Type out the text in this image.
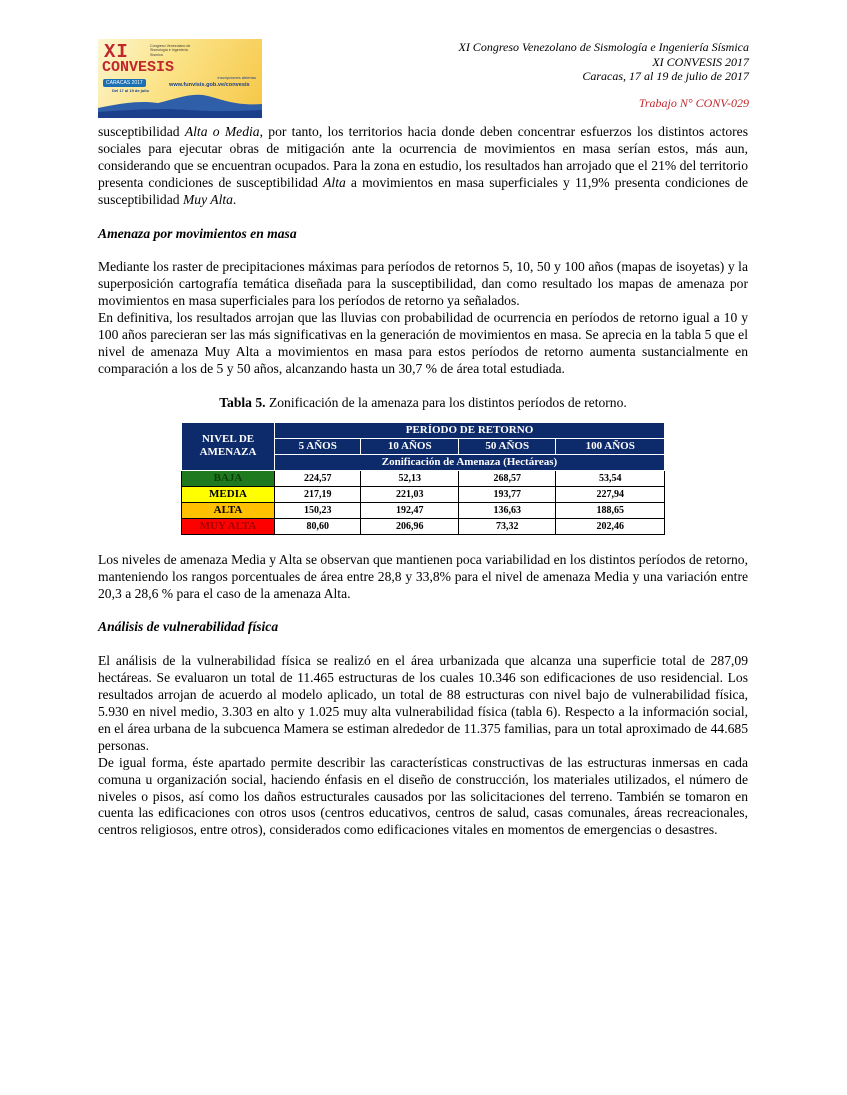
XI	Congreso Venezolano de Sismología e Ingeniería Sísmica
CONVESIS
CARACAS 2017
Del 17 al 19 de julio
inscripciones abiertas
www.funvisis.gob.ve/convesis
XI Congreso Venezolano de Sismología e Ingeniería Sísmica
XI CONVESIS 2017
Caracas, 17 al 19 de julio de 2017
Trabajo N° CONV-029

susceptibilidad Alta o Media, por tanto, los territorios hacia donde deben concentrar esfuerzos los distintos actores sociales para ejecutar obras de mitigación ante la ocurrencia de movimientos en masa serían estos, más aun, considerando que se encuentran ocupados. Para la zona en estudio, los resultados han arrojado que el 21% del territorio presenta condiciones de susceptibilidad Alta a movimientos en masa superficiales y 11,9% presenta condiciones de susceptibilidad Muy Alta.

Amenaza por movimientos en masa

Mediante los raster de precipitaciones máximas para períodos de retornos 5, 10, 50 y 100 años (mapas de isoyetas) y la superposición cartografía temática diseñada para la susceptibilidad, dan como resultado los mapas de amenaza por movimientos en masa superficiales para los períodos de retorno ya señalados.

En definitiva, los resultados arrojan que las lluvias con probabilidad de ocurrencia en períodos de retorno igual a 10 y 100 años parecieran ser las más significativas en la generación de movimientos en masa. Se aprecia en la tabla 5 que el nivel de amenaza Muy Alta a movimientos en masa para estos períodos de retorno aumenta sustancialmente en comparación a los de 5 y 50 años, alcanzando hasta un 30,7 % de área total estudiada.

Tabla 5. Zonificación de la amenaza para los distintos períodos de retorno.

NIVEL DE AMENAZA	PERÍODO DE RETORNO			
	5 AÑOS	10 AÑOS	50 AÑOS	100 AÑOS
	Zonificación de Amenaza (Hectáreas)			
BAJA	224,57	52,13	268,57	53,54
MEDIA	217,19	221,03	193,77	227,94
ALTA	150,23	192,47	136,63	188,65
MUY ALTA	80,60	206,96	73,32	202,46

Los niveles de amenaza Media y Alta se observan que mantienen poca variabilidad en los distintos períodos de retorno, manteniendo los rangos porcentuales de área entre 28,8 y 33,8% para el nivel de amenaza Media y una variación entre 20,3 a 28,6 % para el caso de la amenaza Alta.

Análisis de vulnerabilidad física

El análisis de la vulnerabilidad física se realizó en el área urbanizada que alcanza una superficie total de 287,09 hectáreas. Se evaluaron un total de 11.465 estructuras de los cuales 10.346 son edificaciones de uso residencial. Los resultados arrojan de acuerdo al modelo aplicado, un total de 88 estructuras con nivel bajo de vulnerabilidad física, 5.930 en nivel medio, 3.303 en alto y 1.025 muy alta vulnerabilidad física (tabla 6). Respecto a la información social, en el área urbana de la subcuenca Mamera se estiman alrededor de 11.375 familias, para un total aproximado de 44.685 personas.

De igual forma, éste apartado permite describir las características constructivas de las estructuras inmersas en cada comuna u organización social, haciendo énfasis en el diseño de construcción, los materiales utilizados, el número de niveles o pisos, así como los daños estructurales causados por las solicitaciones del terreno. También se tomaron en cuenta las edificaciones con otros usos (centros educativos, centros de salud, casas comunales, áreas recreacionales, centros religiosos, entre otros), considerados como edificaciones vitales en momentos de emergencias o desastres.
